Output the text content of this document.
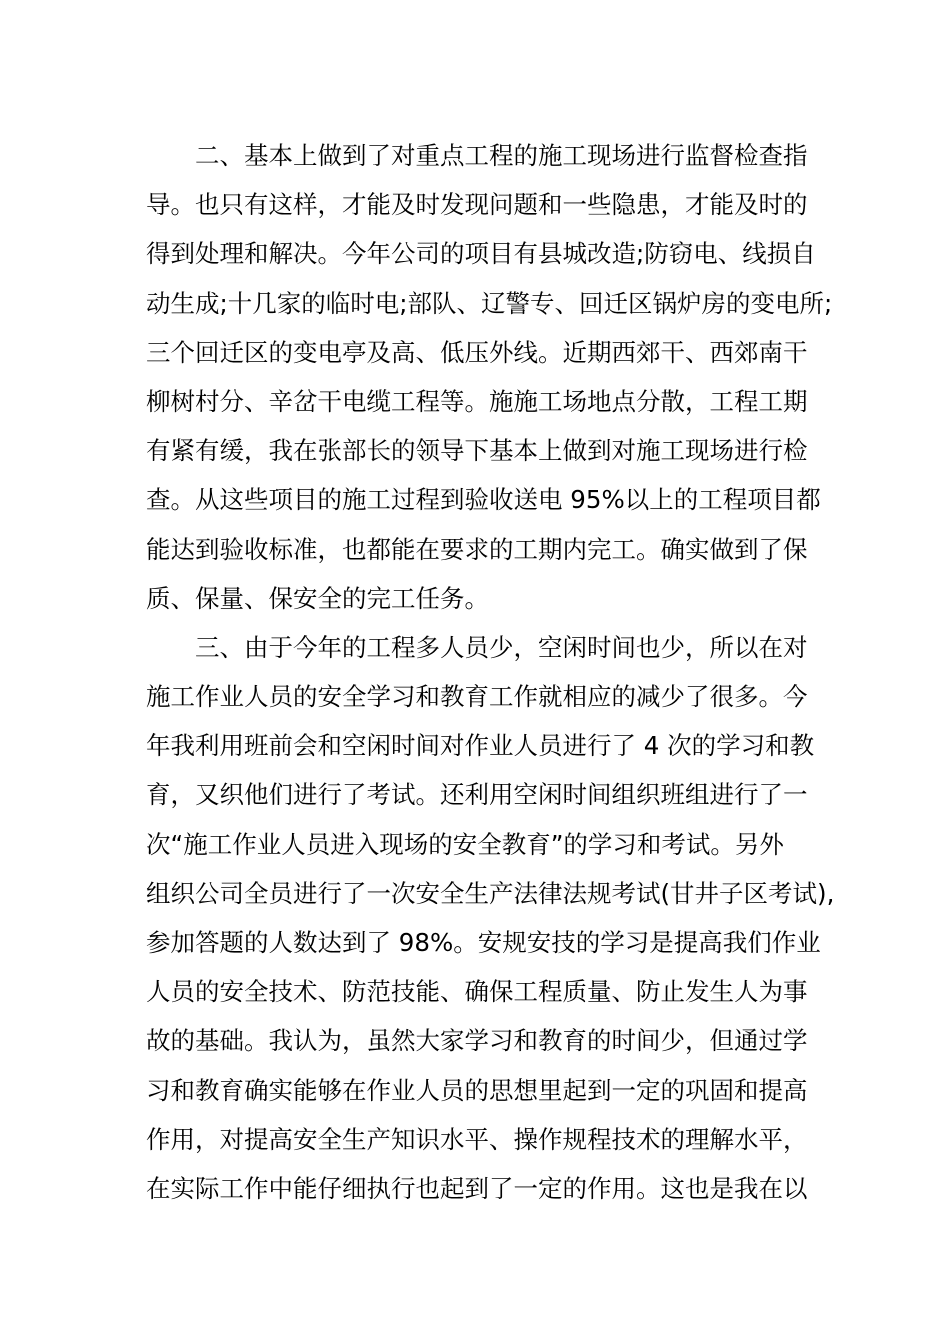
二、基本上做到了对重点工程的施工现场进行监督检查指
导。也只有这样，才能及时发现问题和一些隐患，才能及时的
得到处理和解决。今年公司的项目有县城改造;防窃电、线损自
动生成;十几家的临时电;部队、辽警专、回迁区锅炉房的变电所;
三个回迁区的变电亭及高、低压外线。近期西郊干、西郊南干
柳树村分、辛岔干电缆工程等。施施工场地点分散，工程工期
有紧有缓，我在张部长的领导下基本上做到对施工现场进行检
查。从这些项目的施工过程到验收送电 95%以上的工程项目都
能达到验收标准，也都能在要求的工期内完工。确实做到了保
质、保量、保安全的完工任务。
三、由于今年的工程多人员少，空闲时间也少，所以在对
施工作业人员的安全学习和教育工作就相应的减少了很多。今
年我利用班前会和空闲时间对作业人员进行了 4 次的学习和教
育，又织他们进行了考试。还利用空闲时间组织班组进行了一
次“施工作业人员进入现场的安全教育”的学习和考试。另外
组织公司全员进行了一次安全生产法律法规考试(甘井子区考试),
参加答题的人数达到了 98%。安规安技的学习是提高我们作业
人员的安全技术、防范技能、确保工程质量、防止发生人为事
故的基础。我认为，虽然大家学习和教育的时间少，但通过学
习和教育确实能够在作业人员的思想里起到一定的巩固和提高
作用，对提高安全生产知识水平、操作规程技术的理解水平，
在实际工作中能仔细执行也起到了一定的作用。这也是我在以
